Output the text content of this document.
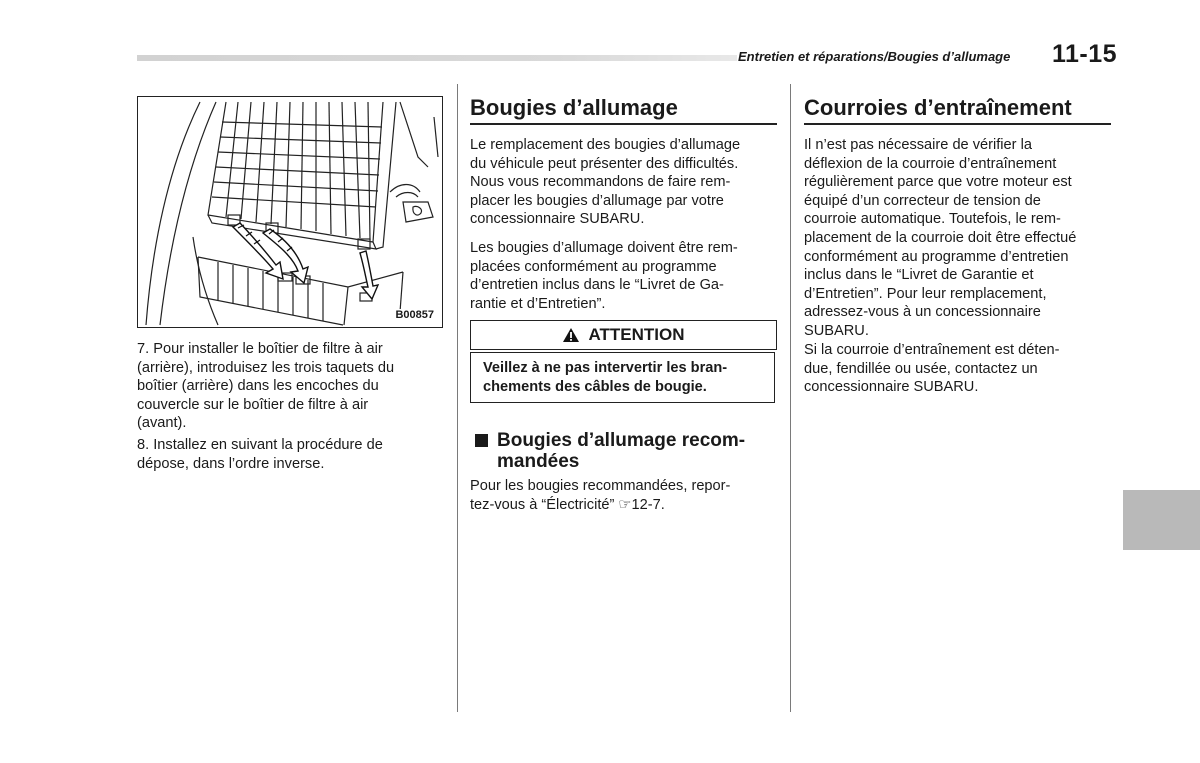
Entretien et réparations/Bougies d’allumage 11-15
B00857

7. Pour installer le boîtier de filtre à air
(arrière), introduisez les trois taquets du
boîtier (arrière) dans les encoches du
couvercle sur le boîtier de filtre à air
(avant).

8. Installez en suivant la procédure de
dépose, dans l’ordre inverse.

Bougies d’allumage
Le remplacement des bougies d’allumage
du véhicule peut présenter des difficultés.
Nous vous recommandons de faire rem-
placer les bougies d’allumage par votre
concessionnaire SUBARU.
Les bougies d’allumage doivent être rem-
placées conformément au programme
d’entretien inclus dans le “Livret de Ga-
rantie et d’Entretien”.
ATTENTION
Veillez à ne pas intervertir les bran-
chements des câbles de bougie.
Bougies d’allumage recom-
mandées
Pour les bougies recommandées, repor-
tez-vous à “Électricité” ☞12-7.
Courroies d’entraînement
Il n’est pas nécessaire de vérifier la
déflexion de la courroie d’entraînement
régulièrement parce que votre moteur est
équipé d’un correcteur de tension de
courroie automatique. Toutefois, le rem-
placement de la courroie doit être effectué
conformément au programme d’entretien
inclus dans le “Livret de Garantie et
d’Entretien”. Pour leur remplacement,
adressez-vous à un concessionnaire
SUBARU.
Si la courroie d’entraînement est déten-
due, fendillée ou usée, contactez un
concessionnaire SUBARU.
